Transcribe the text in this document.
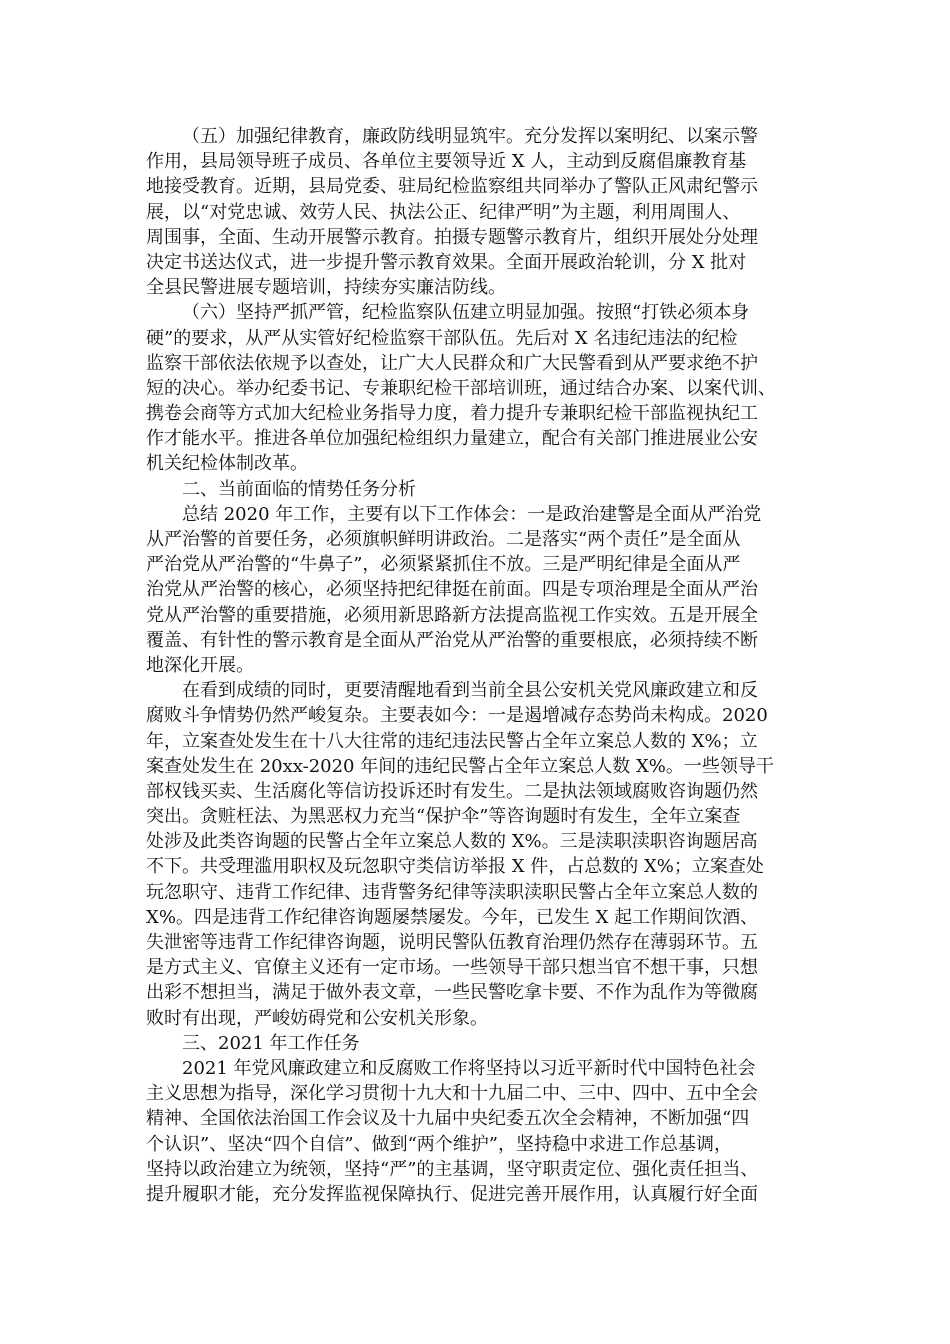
（五）加强纪律教育，廉政防线明显筑牢。充分发挥以案明纪、以案示警
作用，县局领导班子成员、各单位主要领导近 X 人，主动到反腐倡廉教育基
地接受教育。近期，县局党委、驻局纪检监察组共同举办了警队正风肃纪警示
展，以“对党忠诚、效劳人民、执法公正、纪律严明”为主题，利用周围人、
周围事，全面、生动开展警示教育。拍摄专题警示教育片，组织开展处分处理
决定书送达仪式，进一步提升警示教育效果。全面开展政治轮训，分 X 批对
全县民警进展专题培训，持续夯实廉洁防线。
（六）坚持严抓严管，纪检监察队伍建立明显加强。按照“打铁必须本身
硬”的要求，从严从实管好纪检监察干部队伍。先后对 X 名违纪违法的纪检
监察干部依法依规予以查处，让广大人民群众和广大民警看到从严要求绝不护
短的决心。举办纪委书记、专兼职纪检干部培训班，通过结合办案、以案代训、
携卷会商等方式加大纪检业务指导力度，着力提升专兼职纪检干部监视执纪工
作才能水平。推进各单位加强纪检组织力量建立，配合有关部门推进展业公安
机关纪检体制改革。
二、当前面临的情势任务分析
总结 2020 年工作，主要有以下工作体会：一是政治建警是全面从严治党
从严治警的首要任务，必须旗帜鲜明讲政治。二是落实“两个责任”是全面从
严治党从严治警的“牛鼻子”，必须紧紧抓住不放。三是严明纪律是全面从严
治党从严治警的核心，必须坚持把纪律挺在前面。四是专项治理是全面从严治
党从严治警的重要措施，必须用新思路新方法提高监视工作实效。五是开展全
覆盖、有针性的警示教育是全面从严治党从严治警的重要根底，必须持续不断
地深化开展。
在看到成绩的同时，更要清醒地看到当前全县公安机关党风廉政建立和反
腐败斗争情势仍然严峻复杂。主要表如今：一是遏增减存态势尚未构成。2020
年，立案查处发生在十八大往常的违纪违法民警占全年立案总人数的 X%；立
案查处发生在 20xx-2020 年间的违纪民警占全年立案总人数 X%。一些领导干
部权钱买卖、生活腐化等信访投诉还时有发生。二是执法领域腐败咨询题仍然
突出。贪赃枉法、为黑恶权力充当“保护伞”等咨询题时有发生，全年立案查
处涉及此类咨询题的民警占全年立案总人数的 X%。三是渎职渎职咨询题居高
不下。共受理滥用职权及玩忽职守类信访举报 X 件，占总数的 X%；立案查处
玩忽职守、违背工作纪律、违背警务纪律等渎职渎职民警占全年立案总人数的
X%。四是违背工作纪律咨询题屡禁屡发。今年，已发生 X 起工作期间饮酒、
失泄密等违背工作纪律咨询题，说明民警队伍教育治理仍然存在薄弱环节。五
是方式主义、官僚主义还有一定市场。一些领导干部只想当官不想干事，只想
出彩不想担当，满足于做外表文章，一些民警吃拿卡要、不作为乱作为等微腐
败时有出现，严峻妨碍党和公安机关形象。
三、2021 年工作任务
2021 年党风廉政建立和反腐败工作将坚持以习近平新时代中国特色社会
主义思想为指导，深化学习贯彻十九大和十九届二中、三中、四中、五中全会
精神、全国依法治国工作会议及十九届中央纪委五次全会精神，不断加强“四
个认识”、坚决“四个自信”、做到“两个维护”，坚持稳中求进工作总基调，
坚持以政治建立为统领，坚持“严”的主基调，坚守职责定位、强化责任担当、
提升履职才能，充分发挥监视保障执行、促进完善开展作用，认真履行好全面
